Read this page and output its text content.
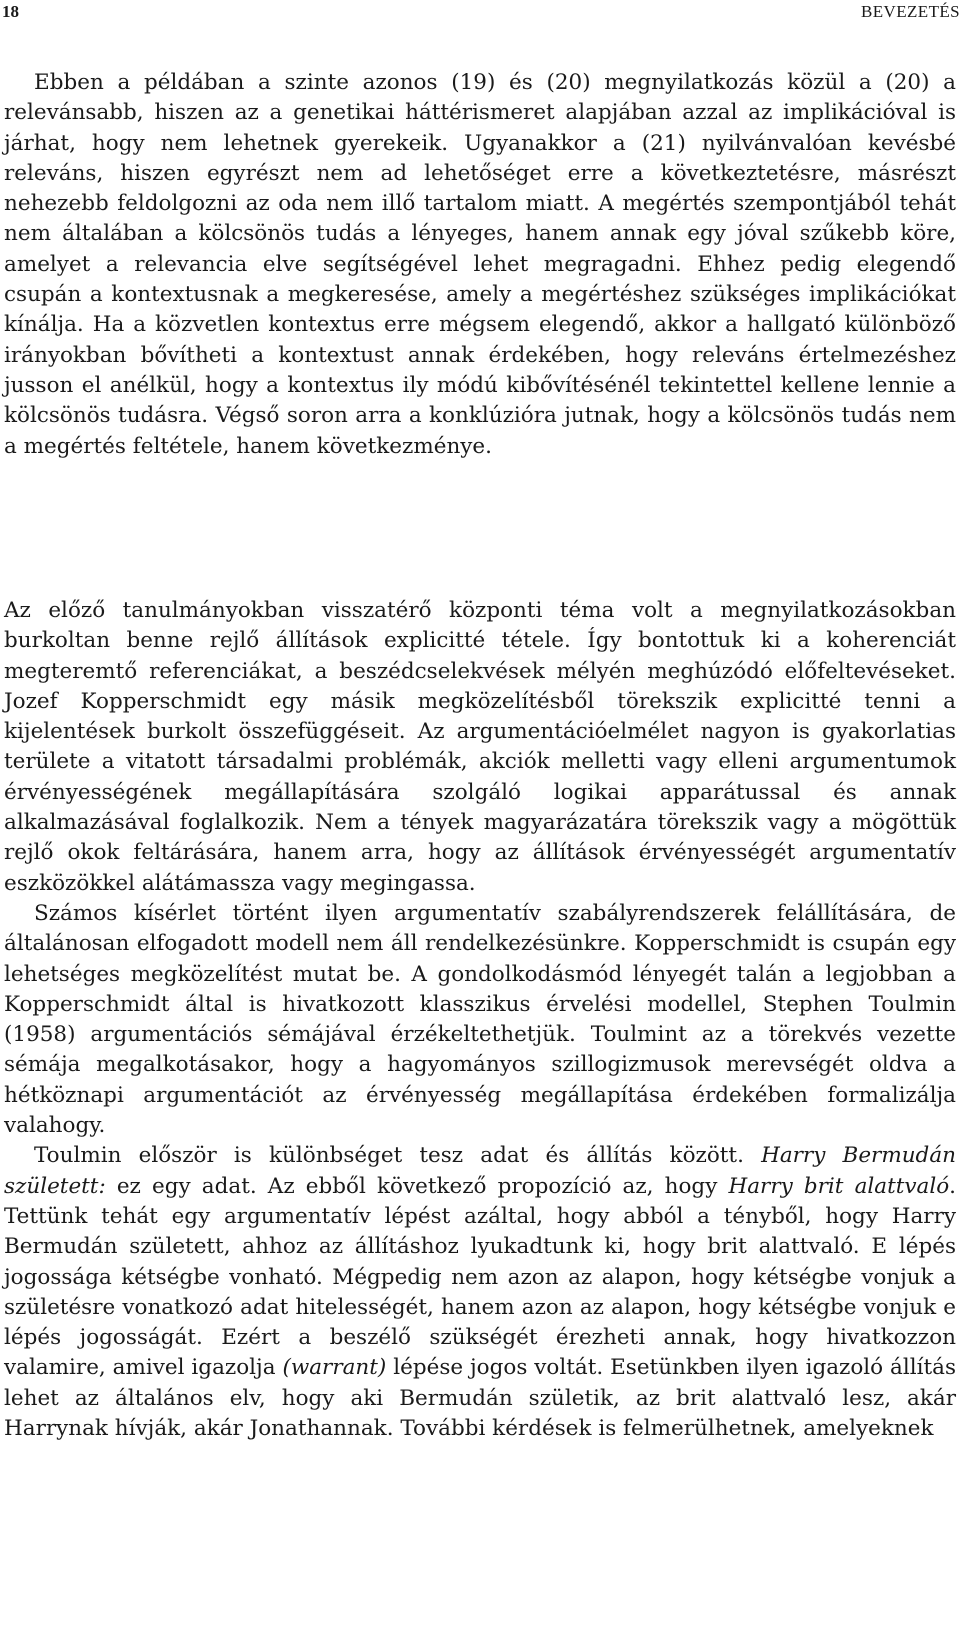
18	BEVEZETÉS

Ebben a példában a szinte azonos (19) és (20) megnyilatkozás közül a (20) a relevánsabb, hiszen az a genetikai háttérismeret alapjában azzal az implikációval is járhat, hogy nem lehetnek gyerekeik. Ugyanakkor a (21) nyilvánvalóan kevésbé releváns, hiszen egyrészt nem ad lehetőséget erre a következtetésre, másrészt nehezebb feldolgozni az oda nem illő tartalom miatt. A megértés szempontjából tehát nem általában a kölcsönös tudás a lényeges, hanem annak egy jóval szűkebb köre, amelyet a relevancia elve segítségével lehet megragadni. Ehhez pedig elegendő csupán a kontextusnak a megkeresése, amely a megértéshez szükséges implikációkat kínálja. Ha a közvetlen kontextus erre mégsem elegendő, akkor a hallgató különböző irányokban bővítheti a kontextust annak érdekében, hogy releváns értelmezéshez jusson el anélkül, hogy a kontextus ily módú kibővítésénél tekintettel kellene lennie a kölcsönös tudásra. Végső soron arra a konklúzióra jutnak, hogy a kölcsönös tudás nem a megértés feltétele, hanem következménye.

Az előző tanulmányokban visszatérő központi téma volt a megnyilatkozásokban burkoltan benne rejlő állítások explicitté tétele. Így bontottuk ki a koherenciát megteremtő referenciákat, a beszédcselekvések mélyén meghúzódó előfeltevéseket. Jozef Kopperschmidt egy másik megközelítésből törekszik explicitté tenni a kijelentések burkolt összefüggéseit. Az argumentációelmélet nagyon is gyakorlatias területe a vitatott társadalmi problémák, akciók melletti vagy elleni argumentumok érvényességének megállapítására szolgáló logikai apparátussal és annak alkalmazásával foglalkozik. Nem a tények magyarázatára törekszik vagy a mögöttük rejlő okok feltárására, hanem arra, hogy az állítások érvényességét argumentatív eszközökkel alátámassza vagy megingassa.

Számos kísérlet történt ilyen argumentatív szabályrendszerek felállítására, de általánosan elfogadott modell nem áll rendelkezésünkre. Kopperschmidt is csupán egy lehetséges megközelítést mutat be. A gondolkodásmód lényegét talán a legjobban a Kopperschmidt által is hivatkozott klasszikus érvelési modellel, Stephen Toulmin (1958) argumentációs sémájával érzékeltethetjük. Toulmint az a törekvés vezette sémája megalkotásakor, hogy a hagyományos szillogizmusok merevségét oldva a hétköznapi argumentációt az érvényesség megállapítása érdekében formalizálja valahogy.

Toulmin először is különbséget tesz adat és állítás között. Harry Bermudán született: ez egy adat. Az ebből következő propozíció az, hogy Harry brit alattvaló. Tettünk tehát egy argumentatív lépést azáltal, hogy abból a tényből, hogy Harry Bermudán született, ahhoz az állításhoz lyukadtunk ki, hogy brit alattvaló. E lépés jogossága kétségbe vonható. Mégpedig nem azon az alapon, hogy kétségbe vonjuk a születésre vonatkozó adat hitelességét, hanem azon az alapon, hogy kétségbe vonjuk e lépés jogosságát. Ezért a beszélő szükségét érezheti annak, hogy hivatkozzon valamire, amivel igazolja (warrant) lépése jogos voltát. Esetünkben ilyen igazoló állítás lehet az általános elv, hogy aki Bermudán születik, az brit alattvaló lesz, akár Harrynak hívják, akár Jonathannak. További kérdések is felmerülhetnek, amelyeknek
